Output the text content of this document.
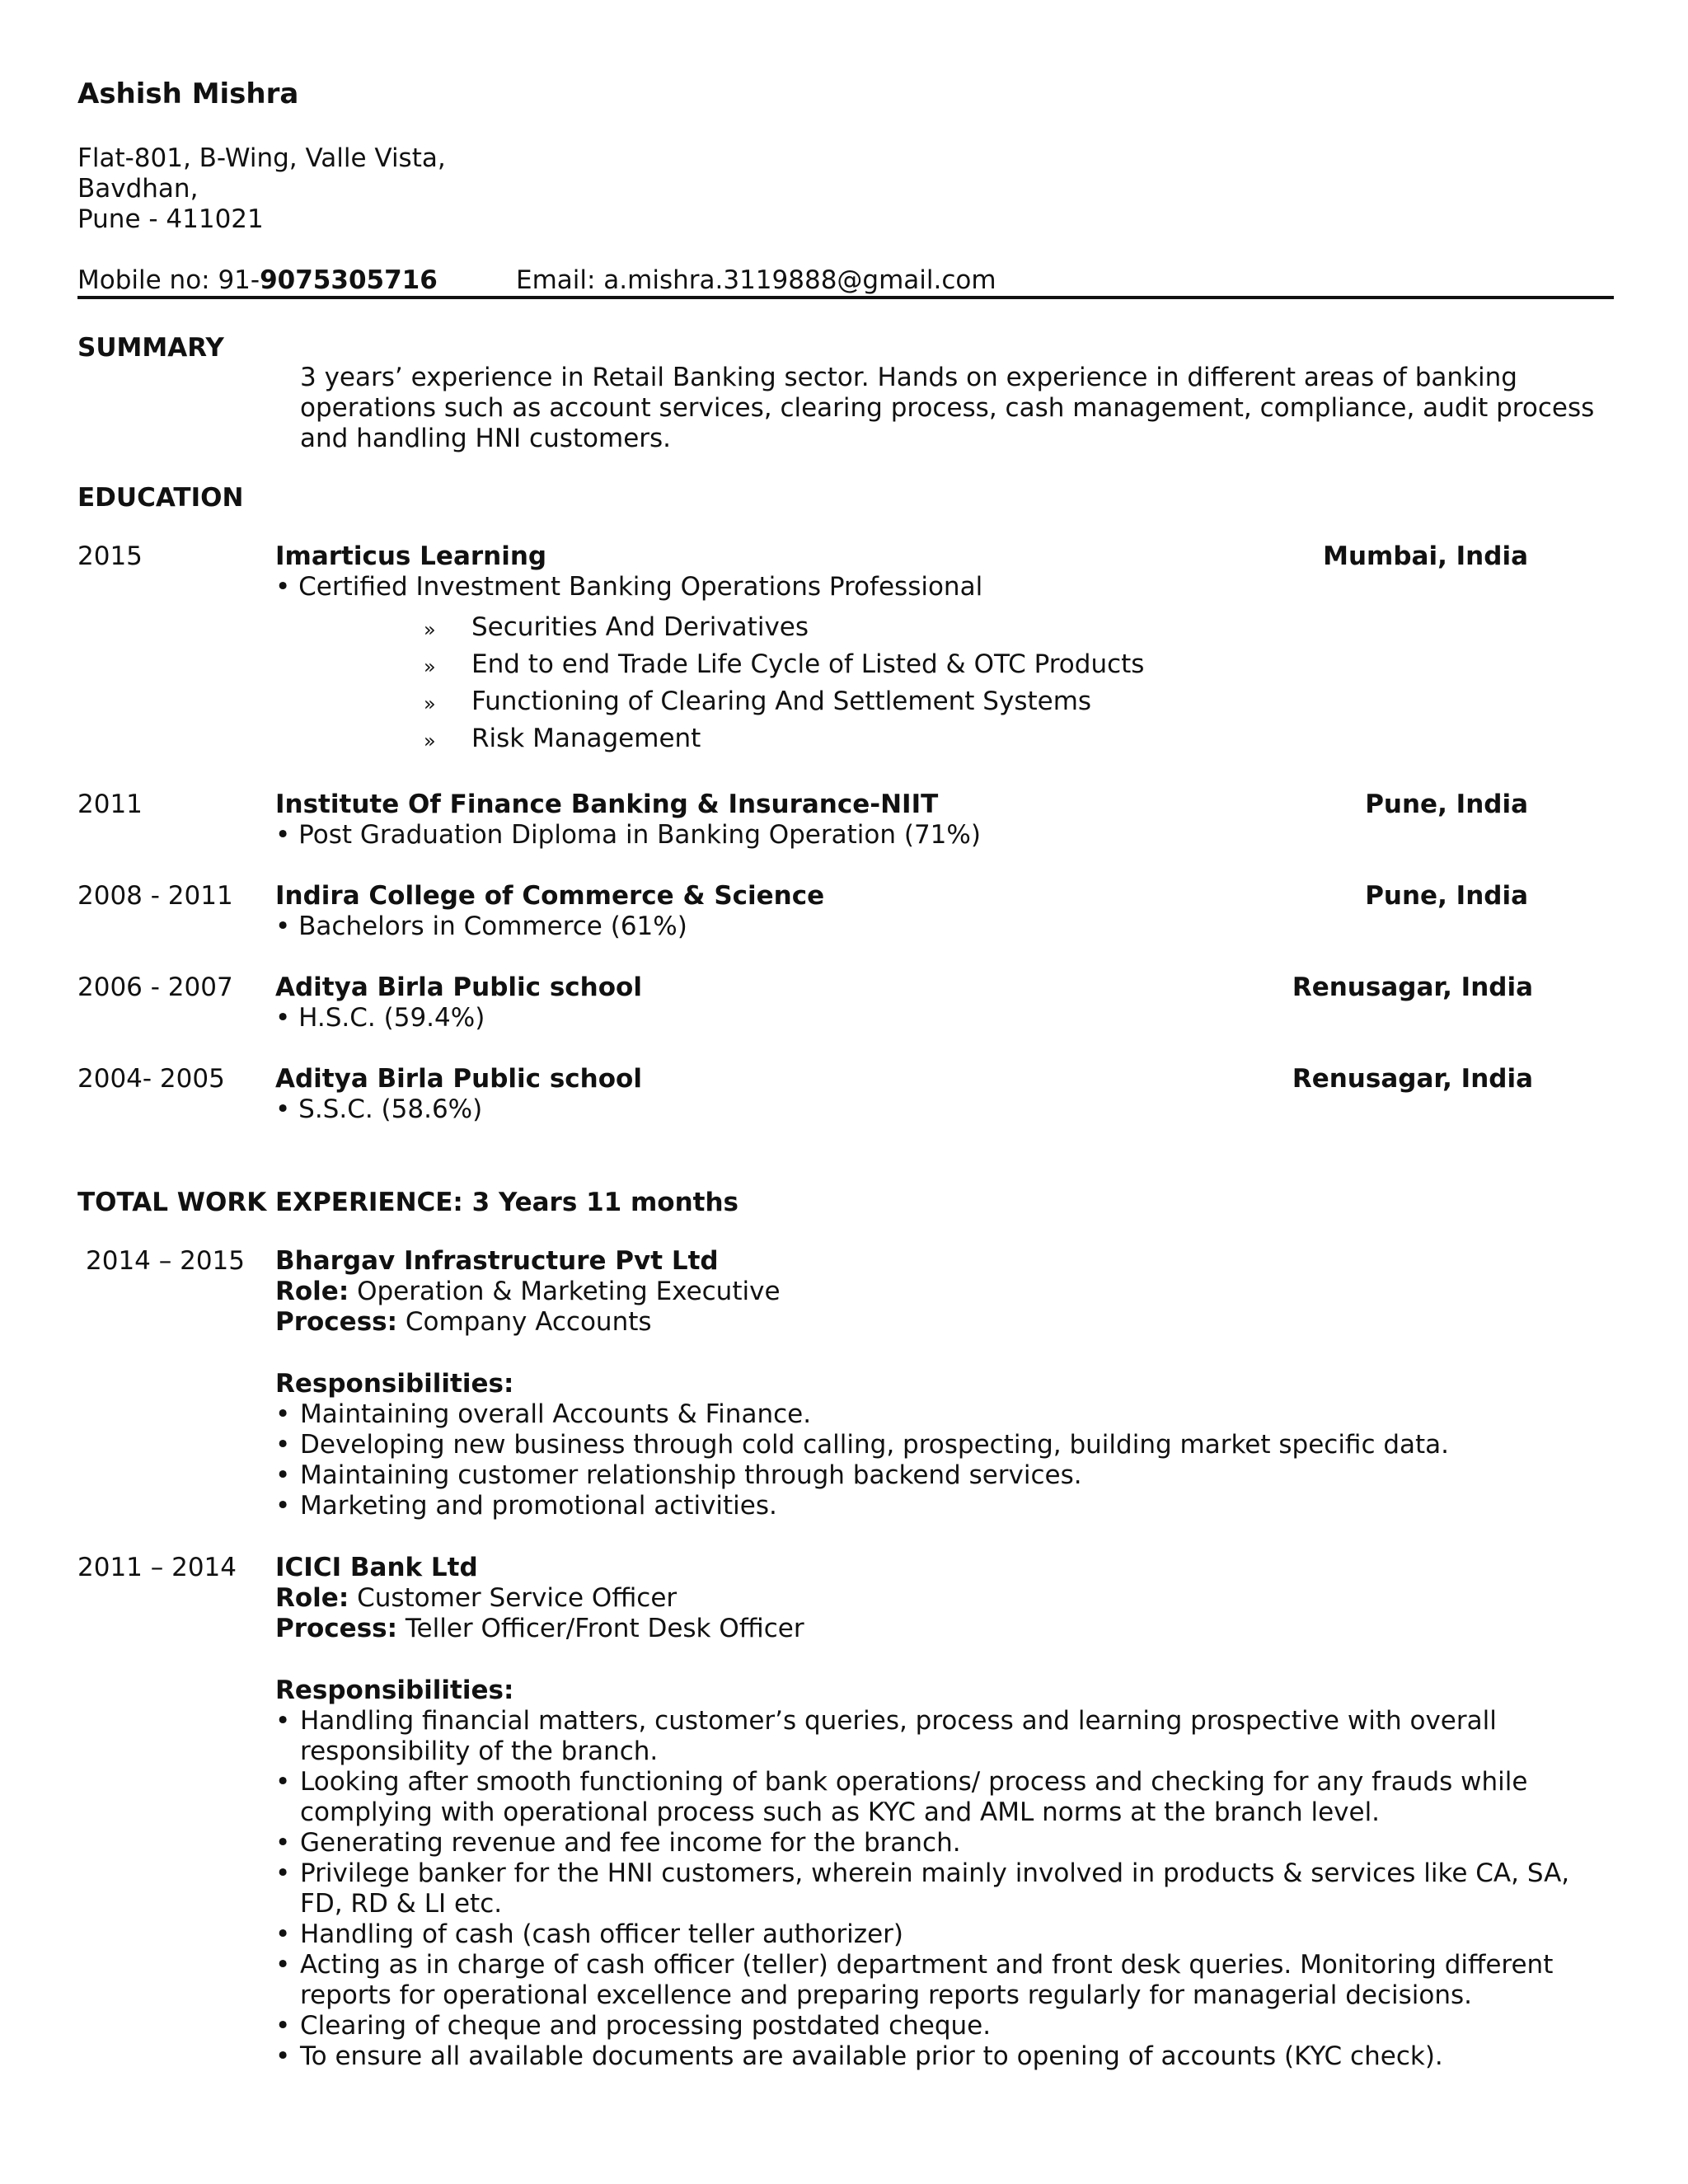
Ashish Mishra
Flat-801, B-Wing, Valle Vista,
Bavdhan,
Pune - 411021
Mobile no: 91-9075305716	Email: a.mishra.3119888@gmail.com
SUMMARY
3 years’ experience in Retail Banking sector. Hands on experience in different areas of banking operations such as account services, clearing process, cash management, compliance, audit process and handling HNI customers.
EDUCATION
2015	Imarticus Learning	Mumbai, India
• Certified Investment Banking Operations Professional
» Securities And Derivatives
» End to end Trade Life Cycle of Listed & OTC Products
» Functioning of Clearing And Settlement Systems
» Risk Management
2011	Institute Of Finance Banking & Insurance-NIIT	Pune, India
• Post Graduation Diploma in Banking Operation (71%)
2008 - 2011 Indira College of Commerce & Science	Pune, India
• Bachelors in Commerce (61%)
2006 - 2007 Aditya Birla Public school	Renusagar, India
• H.S.C. (59.4%)
2004- 2005 Aditya Birla Public school	Renusagar, India
• S.S.C. (58.6%)
TOTAL WORK EXPERIENCE: 3 Years 11 months
2014 – 2015 Bhargav Infrastructure Pvt Ltd
Role: Operation & Marketing Executive
Process: Company Accounts
Responsibilities:
• Maintaining overall Accounts & Finance.
• Developing new business through cold calling, prospecting, building market specific data.
• Maintaining customer relationship through backend services.
• Marketing and promotional activities.
2011 – 2014 ICICI Bank Ltd
Role: Customer Service Officer
Process: Teller Officer/Front Desk Officer
Responsibilities:
• Handling financial matters, customer’s queries, process and learning prospective with overall responsibility of the branch.
• Looking after smooth functioning of bank operations/ process and checking for any frauds while complying with operational process such as KYC and AML norms at the branch level.
• Generating revenue and fee income for the branch.
• Privilege banker for the HNI customers, wherein mainly involved in products & services like CA, SA, FD, RD & LI etc.
• Handling of cash (cash officer teller authorizer)
• Acting as in charge of cash officer (teller) department and front desk queries. Monitoring different reports for operational excellence and preparing reports regularly for managerial decisions.
• Clearing of cheque and processing postdated cheque.
• To ensure all available documents are available prior to opening of accounts (KYC check).
